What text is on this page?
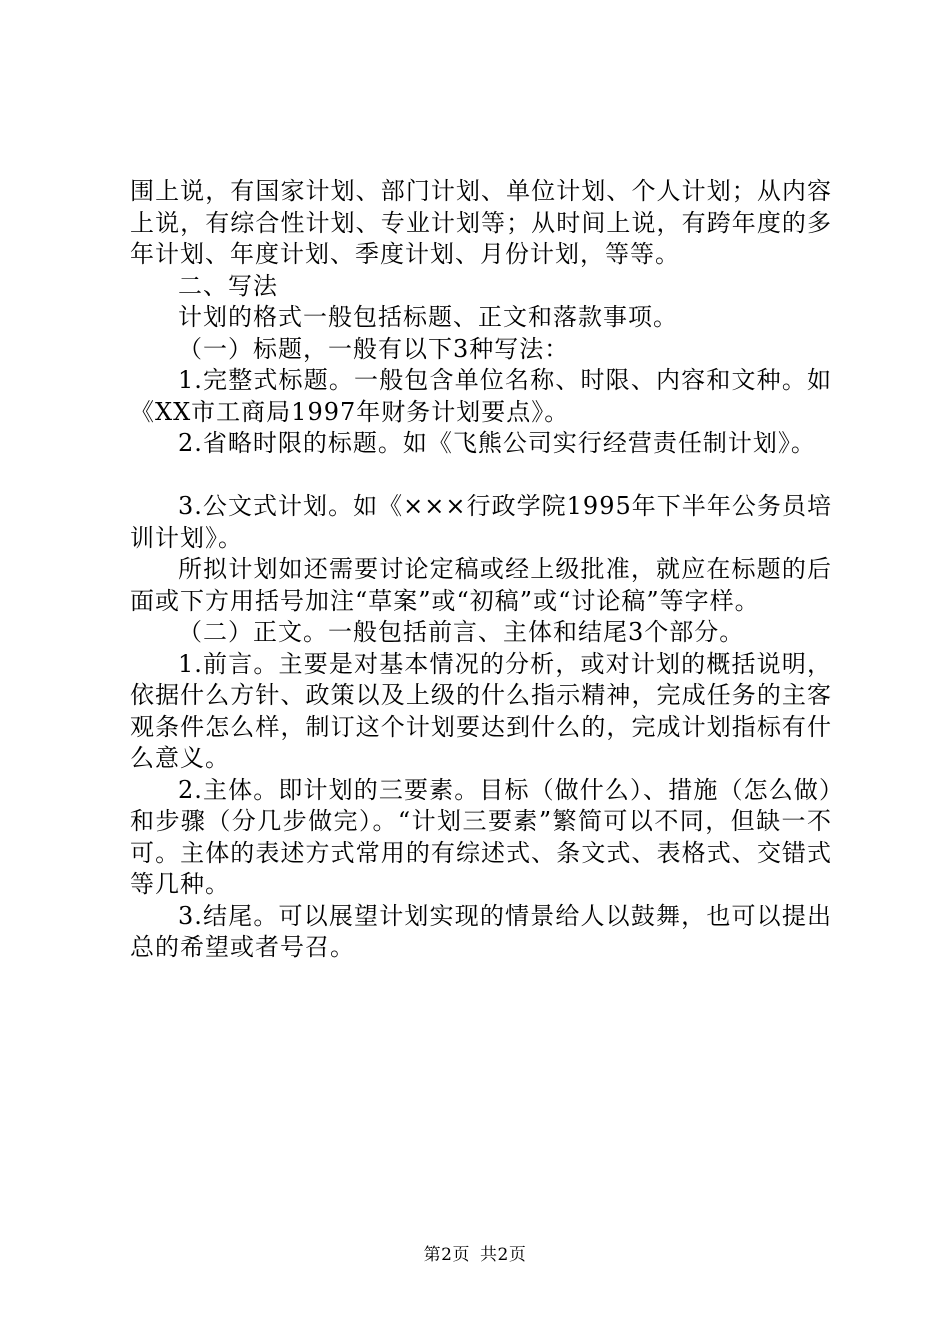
围上说，有国家计划、部门计划、单位计划、个人计划；从内容上说，有综合性计划、专业计划等；从时间上说，有跨年度的多年计划、年度计划、季度计划、月份计划，等等。

二、写法

计划的格式一般包括标题、正文和落款事项。

（一）标题，一般有以下3种写法：

1.完整式标题。一般包含单位名称、时限、内容和文种。如《XX市工商局1997年财务计划要点》。

2.省略时限的标题。如《飞熊公司实行经营责任制计划》。

3.公文式计划。如《×××行政学院1995年下半年公务员培训计划》。

所拟计划如还需要讨论定稿或经上级批准，就应在标题的后面或下方用括号加注“草案”或“初稿”或“讨论稿”等字样。

（二）正文。一般包括前言、主体和结尾3个部分。

1.前言。主要是对基本情况的分析，或对计划的概括说明，依据什么方针、政策以及上级的什么指示精神，完成任务的主客观条件怎么样，制订这个计划要达到什么的，完成计划指标有什么意义。

2.主体。即计划的三要素。目标（做什么）、措施（怎么做）和步骤（分几步做完）。“计划三要素”繁简可以不同，但缺一不可。主体的表述方式常用的有综述式、条文式、表格式、交错式等几种。

3.结尾。可以展望计划实现的情景给人以鼓舞，也可以提出总的希望或者号召。

第2页 共2页
